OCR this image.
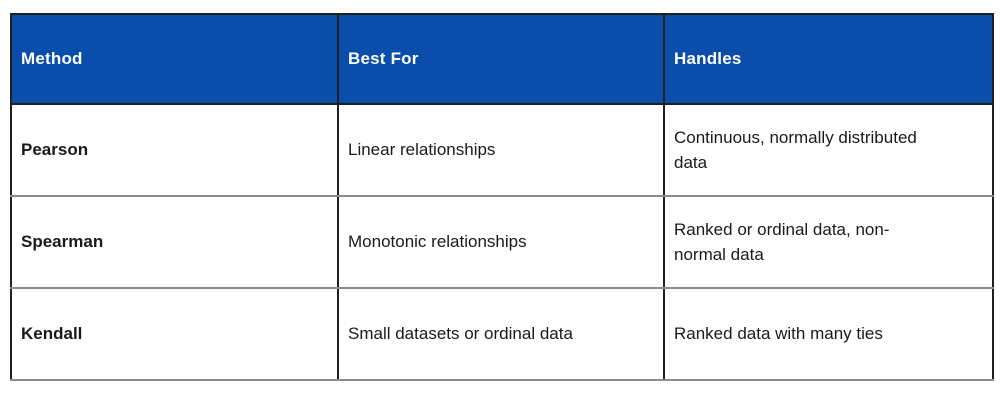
Method	Best For	Handles

Pearson	Linear relationships	Continuous, normally distributed data

Spearman	Monotonic relationships	Ranked or ordinal data, non-normal data

Kendall	Small datasets or ordinal data	Ranked data with many ties
